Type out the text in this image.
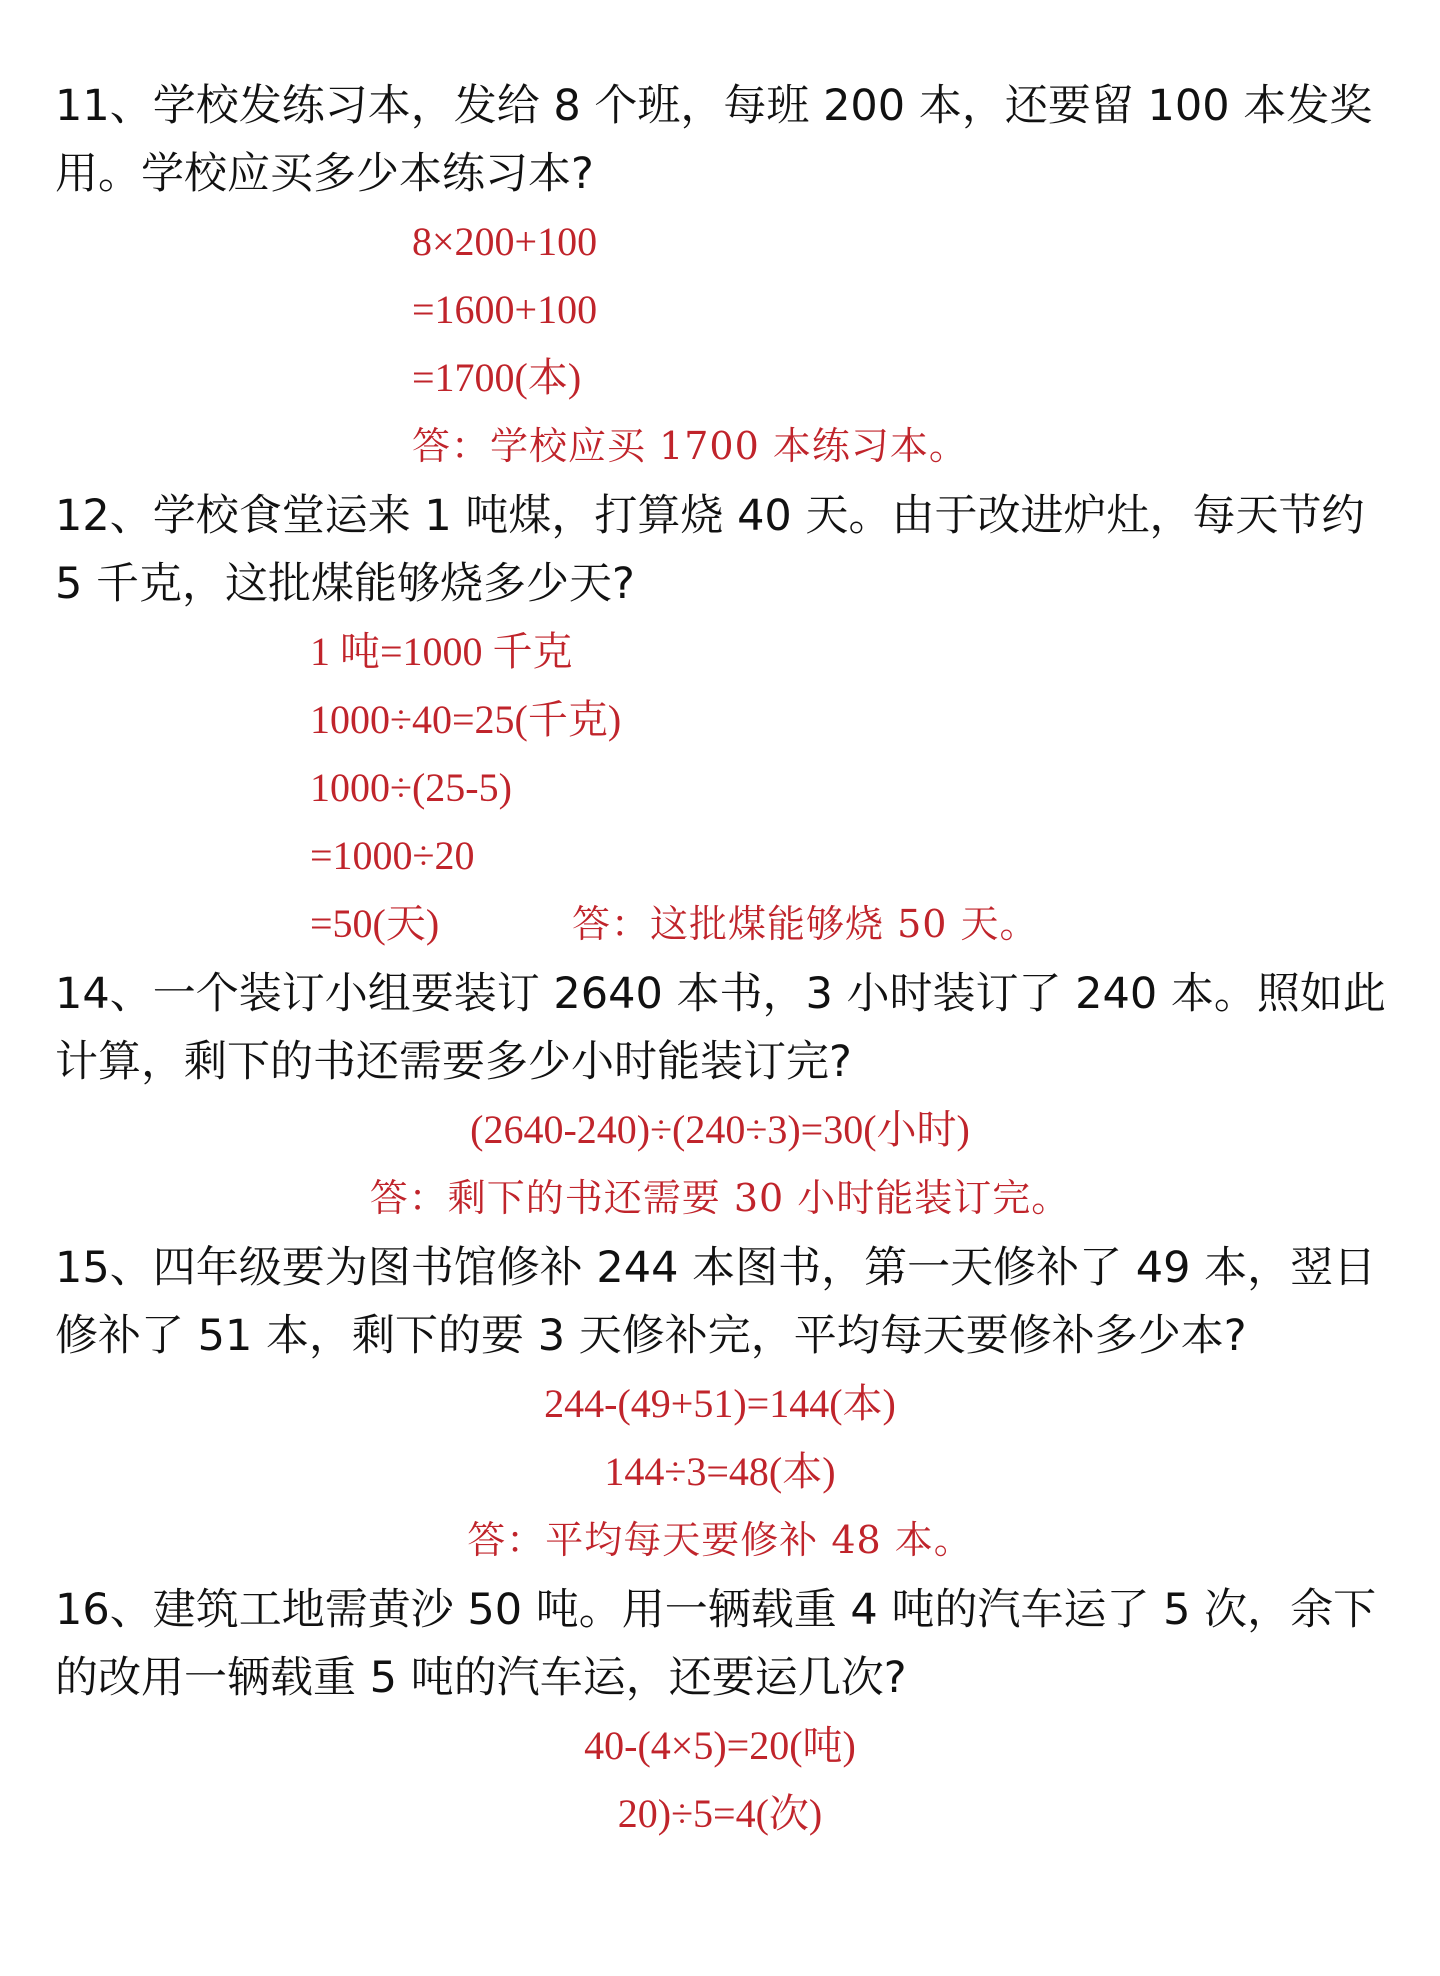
11、学校发练习本，发给 8 个班，每班 200 本，还要留 100 本发奖用。学校应买多少本练习本?

8×200+100

=1600+100

=1700(本)

答：学校应买 1700 本练习本。

12、学校食堂运来 1 吨煤，打算烧 40 天。由于改进炉灶，每天节约 5 千克，这批煤能够烧多少天?

1 吨=1000 千克

1000÷40=25(千克)

1000÷(25-5)

=1000÷20

=50(天)	答：这批煤能够烧 50 天。

14、一个装订小组要装订 2640 本书，3 小时装订了 240 本。照如此计算，剩下的书还需要多少小时能装订完?

(2640-240)÷(240÷3)=30(小时)

答：剩下的书还需要 30 小时能装订完。

15、四年级要为图书馆修补 244 本图书，第一天修补了 49 本，翌日修补了 51 本，剩下的要 3 天修补完，平均每天要修补多少本?

244-(49+51)=144(本)

144÷3=48(本)

答：平均每天要修补 48 本。

16、建筑工地需黄沙 50 吨。用一辆载重 4 吨的汽车运了 5 次，余下的改用一辆载重 5 吨的汽车运，还要运几次?

40-(4×5)=20(吨)

20)÷5=4(次)
